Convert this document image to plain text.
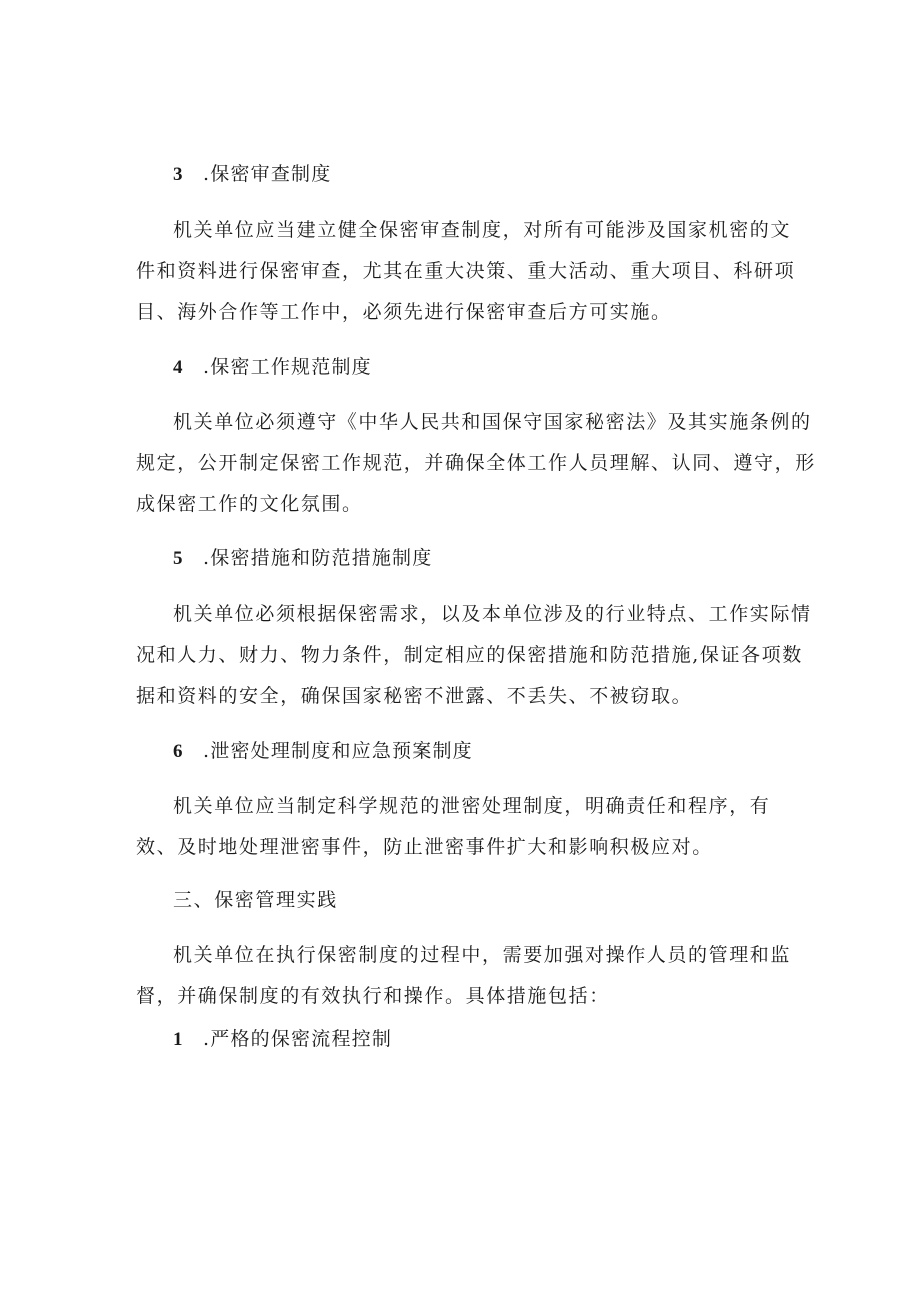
3 .保密审查制度

机关单位应当建立健全保密审查制度，对所有可能涉及国家机密的文

件和资料进行保密审查，尤其在重大决策、重大活动、重大项目、科研项

目、海外合作等工作中，必须先进行保密审查后方可实施。

4 .保密工作规范制度

机关单位必须遵守《中华人民共和国保守国家秘密法》及其实施条例的

规定，公开制定保密工作规范，并确保全体工作人员理解、认同、遵守，形

成保密工作的文化氛围。

5 .保密措施和防范措施制度

机关单位必须根据保密需求，以及本单位涉及的行业特点、工作实际情

况和人力、财力、物力条件，制定相应的保密措施和防范措施,保证各项数

据和资料的安全，确保国家秘密不泄露、不丢失、不被窃取。

6 .泄密处理制度和应急预案制度

机关单位应当制定科学规范的泄密处理制度，明确责任和程序，有

效、及时地处理泄密事件，防止泄密事件扩大和影响积极应对。

三、保密管理实践

机关单位在执行保密制度的过程中，需要加强对操作人员的管理和监

督，并确保制度的有效执行和操作。具体措施包括：

1 .严格的保密流程控制
